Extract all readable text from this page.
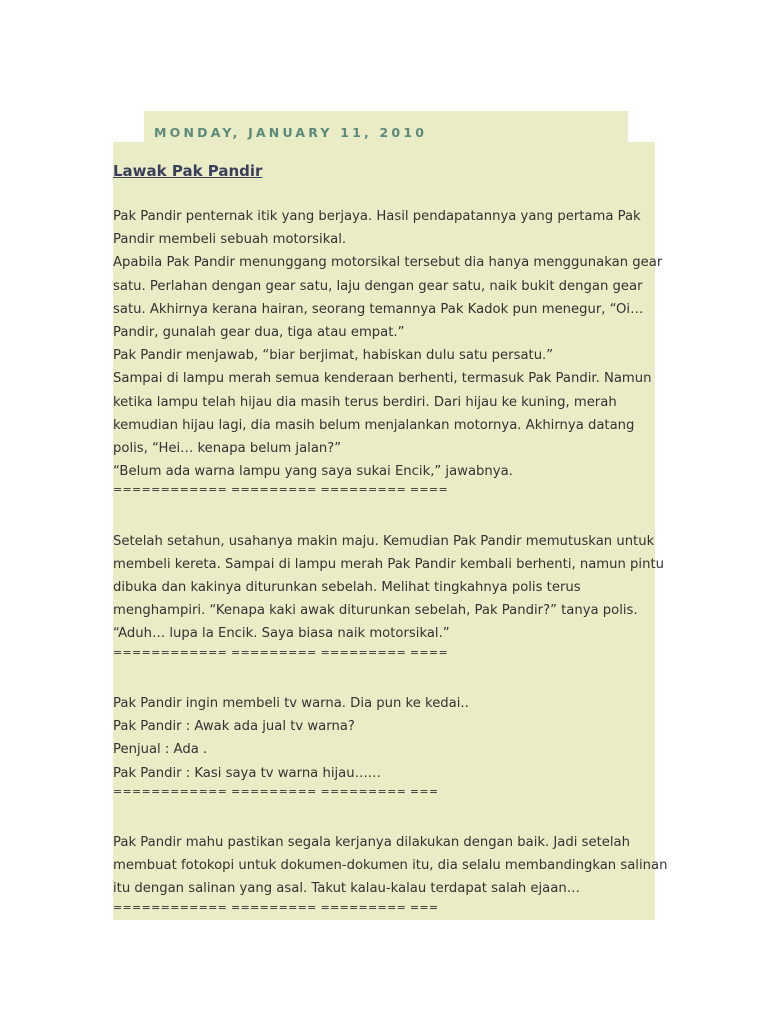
MONDAY, JANUARY 11, 2010
Lawak Pak Pandir
Pak Pandir penternak itik yang berjaya. Hasil pendapatannya yang pertama Pak
Pandir membeli sebuah motorsikal.
Apabila Pak Pandir menunggang motorsikal tersebut dia hanya menggunakan gear
satu. Perlahan dengan gear satu, laju dengan gear satu, naik bukit dengan gear
satu. Akhirnya kerana hairan, seorang temannya Pak Kadok pun menegur, “Oi…
Pandir, gunalah gear dua, tiga atau empat.”
Pak Pandir menjawab, “biar berjimat, habiskan dulu satu persatu.”
Sampai di lampu merah semua kenderaan berhenti, termasuk Pak Pandir. Namun
ketika lampu telah hijau dia masih terus berdiri. Dari hijau ke kuning, merah
kemudian hijau lagi, dia masih belum menjalankan motornya. Akhirnya datang
polis, “Hei… kenapa belum jalan?”
“Belum ada warna lampu yang saya sukai Encik,” jawabnya.
============ ========= ========= ====
Setelah setahun, usahanya makin maju. Kemudian Pak Pandir memutuskan untuk
membeli kereta. Sampai di lampu merah Pak Pandir kembali berhenti, namun pintu
dibuka dan kakinya diturunkan sebelah. Melihat tingkahnya polis terus
menghampiri. “Kenapa kaki awak diturunkan sebelah, Pak Pandir?” tanya polis.
“Aduh… lupa la Encik. Saya biasa naik motorsikal.”
============ ========= ========= ====
Pak Pandir ingin membeli tv warna. Dia pun ke kedai..
Pak Pandir : Awak ada jual tv warna?
Penjual : Ada .
Pak Pandir : Kasi saya tv warna hijau……
============ ========= ========= ===
Pak Pandir mahu pastikan segala kerjanya dilakukan dengan baik. Jadi setelah
membuat fotokopi untuk dokumen-dokumen itu, dia selalu membandingkan salinan
itu dengan salinan yang asal. Takut kalau-kalau terdapat salah ejaan…
============ ========= ========= ===
